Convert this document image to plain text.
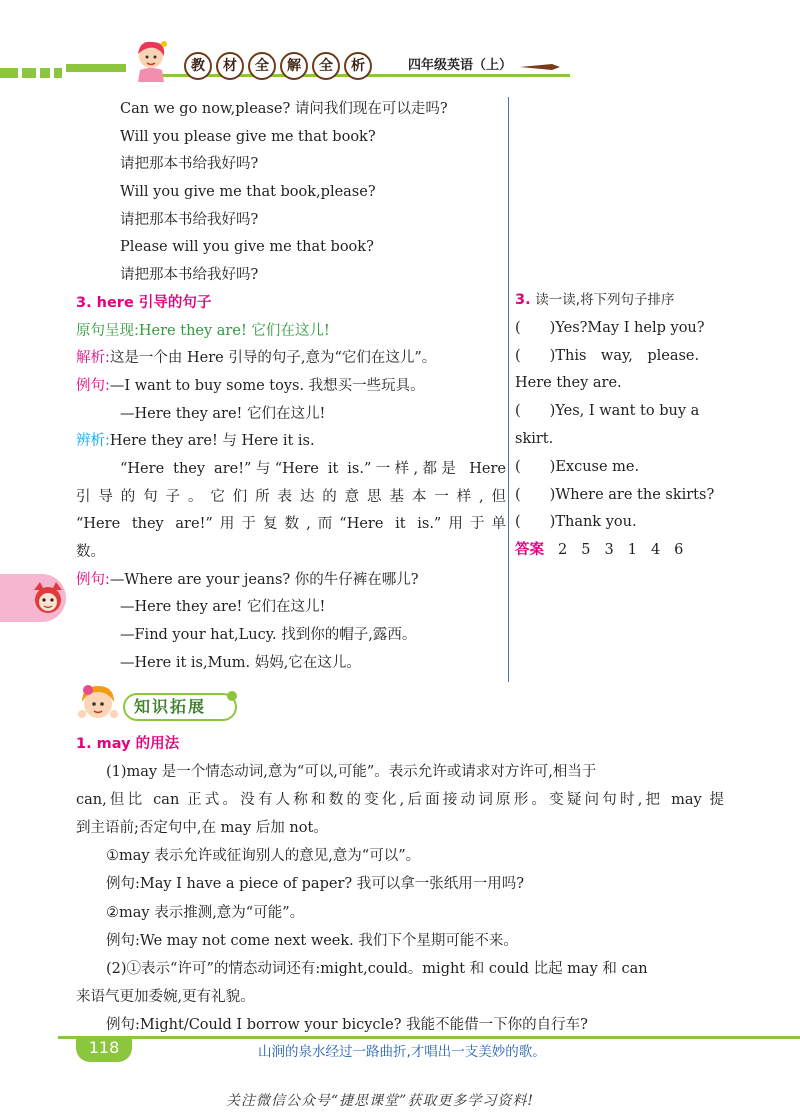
教	材	全	解	全	析	四年级英语（上）
Can we go now,please? 请问我们现在可以走吗?
Will you please give me that book?
请把那本书给我好吗?
Will you give me that book,please?
请把那本书给我好吗?
Please will you give me that book?
请把那本书给我好吗?
3. here 引导的句子
原句呈现:Here they are! 它们在这儿!
解析:这是一个由 Here 引导的句子,意为“它们在这儿”。
例句:—I want to buy some toys. 我想买一些玩具。
—Here they are! 它们在这儿!
辨析:Here they are! 与 Here it is.
“Here they are!”与“Here it is.”一样,都是 Here
引导的句子。它们所表达的意思基本一样,但
“Here they are!”用于复数,而“Here it is.”用于单
数。
例句:—Where are your jeans? 你的牛仔裤在哪儿?
—Here they are! 它们在这儿!
—Find your hat,Lucy. 找到你的帽子,露西。
—Here it is,Mum. 妈妈,它在这儿。
3. 读一读,将下列句子排序
(　　)Yes?May I help you?
(　　)This　way,　please.
Here they are.
(　　)Yes, I want to buy a
skirt.
(　　)Excuse me.
(　　)Where are the skirts?
(　　)Thank you.
答案 2 5 3 1 4 6
知识拓展
1. may 的用法
(1)may 是一个情态动词,意为“可以,可能”。表示允许或请求对方许可,相当于
can,但比 can 正式。没有人称和数的变化,后面接动词原形。变疑问句时,把 may 提
到主语前;否定句中,在 may 后加 not。
①may 表示允许或征询别人的意见,意为“可以”。
例句:May I have a piece of paper? 我可以拿一张纸用一用吗?
②may 表示推测,意为“可能”。
例句:We may not come next week. 我们下个星期可能不来。
(2)①表示“许可”的情态动词还有:might,could。might 和 could 比起 may 和 can
来语气更加委婉,更有礼貌。
例句:Might/Could I borrow your bicycle? 我能不能借一下你的自行车?
118	山涧的泉水经过一路曲折,才唱出一支美妙的歌。
关注微信公众号“捷思课堂”获取更多学习资料!
